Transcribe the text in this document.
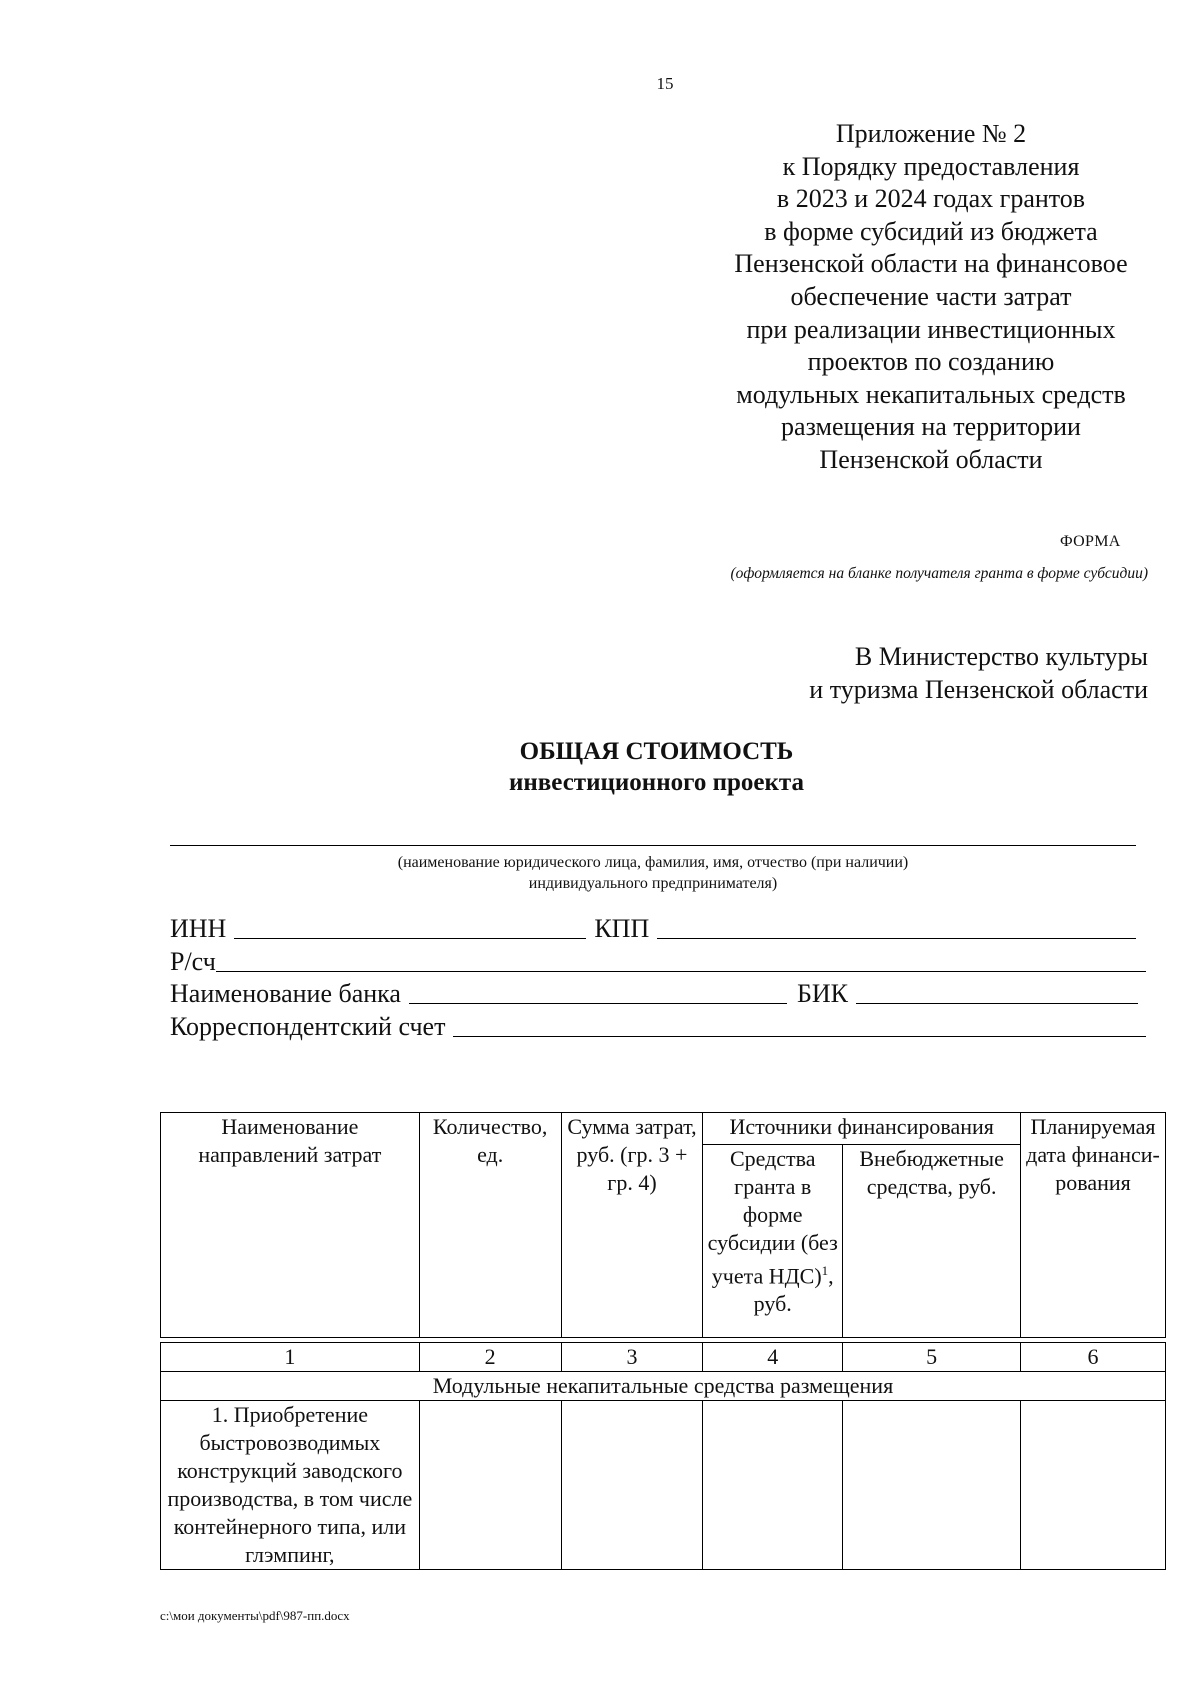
15
Приложение № 2
к Порядку предоставления
в 2023 и 2024 годах грантов
в форме субсидий из бюджета
Пензенской области на финансовое
обеспечение части затрат
при реализации инвестиционных
проектов по созданию
модульных некапитальных средств
размещения на территории
Пензенской области
ФОРМА
(оформляется на бланке получателя гранта в форме субсидии)
В Министерство культуры
и туризма Пензенской области
ОБЩАЯ СТОИМОСТЬ
инвестиционного проекта
(наименование юридического лица, фамилия, имя, отчество (при наличии)
индивидуального предпринимателя)
ИНН	КПП
Р/сч
Наименование банка	БИК
Корреспондентский счет
Наименование направлений затрат	Количество, ед.	Сумма затрат, руб. (гр. 3 + гр. 4)	Источники финансирования		Планируемая дата финанси-рования
			Средства гранта в форме субсидии (без учета НДС)$^1$, руб.	Внебюджетные средства, руб.	

1	2	3	4	5	6
Модульные некапитальные средства размещения					
1. Приобретение быстровозводимых конструкций заводского производства, в том числе контейнерного типа, или глэмпинг,					
c:\мои документы\pdf\987-пп.docx
